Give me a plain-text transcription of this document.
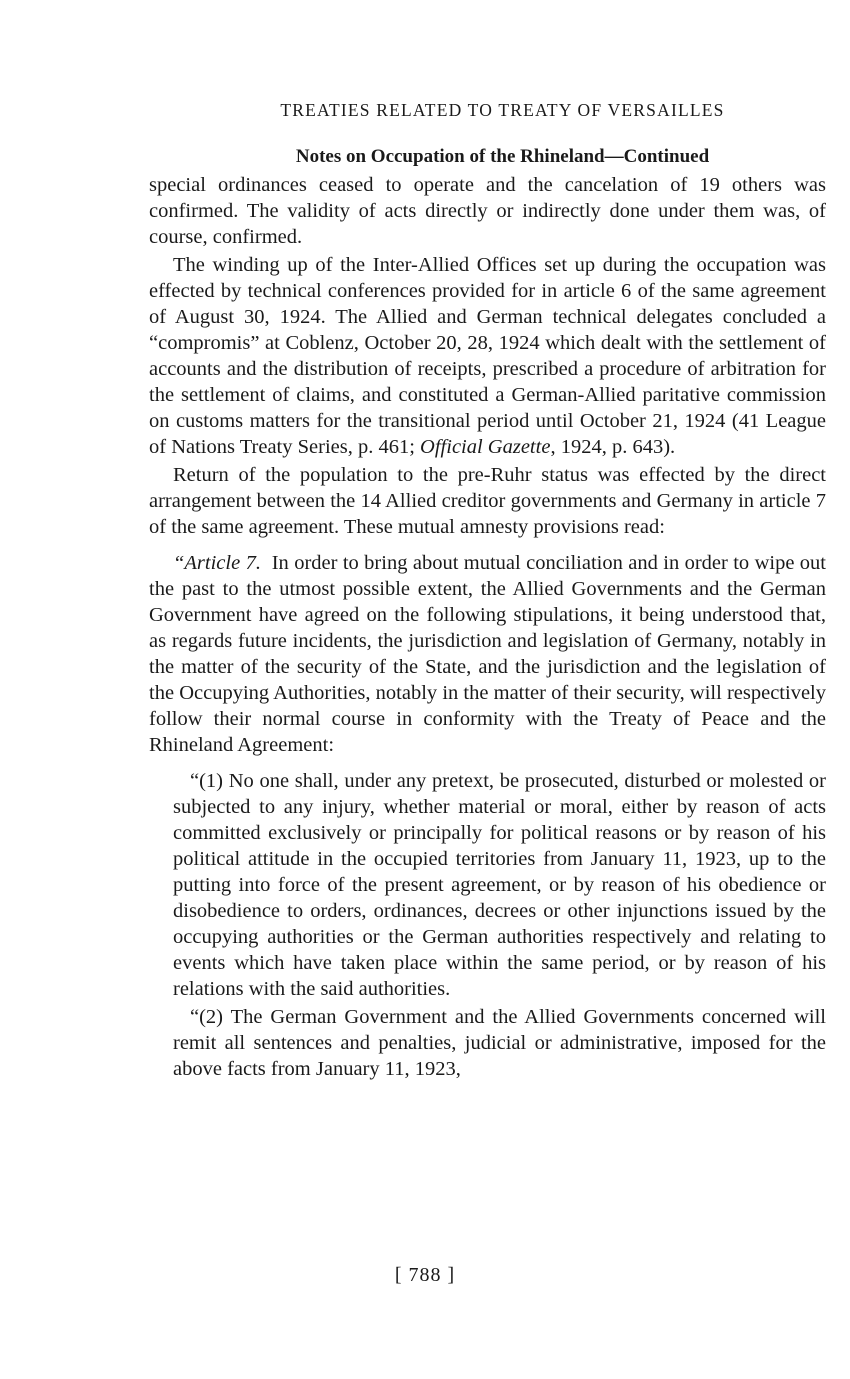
TREATIES RELATED TO TREATY OF VERSAILLES
Notes on Occupation of the Rhineland—Continued

special ordinances ceased to operate and the cancelation of 19 others was confirmed. The validity of acts directly or indirectly done under them was, of course, confirmed.

The winding up of the Inter-Allied Offices set up during the occupation was effected by technical conferences provided for in article 6 of the same agreement of August 30, 1924. The Allied and German technical delegates concluded a “compromis” at Coblenz, October 20, 28, 1924 which dealt with the settlement of accounts and the distribution of receipts, prescribed a procedure of arbitration for the settlement of claims, and constituted a German-Allied paritative commission on customs matters for the transitional period until October 21, 1924 (41 League of Nations Treaty Series, p. 461; Official Gazette, 1924, p. 643).

Return of the population to the pre-Ruhr status was effected by the direct arrangement between the 14 Allied creditor governments and Germany in article 7 of the same agreement. These mutual amnesty provisions read:

“Article 7. In order to bring about mutual conciliation and in order to wipe out the past to the utmost possible extent, the Allied Governments and the German Government have agreed on the following stipulations, it being understood that, as regards future incidents, the jurisdiction and legislation of Germany, notably in the matter of the security of the State, and the jurisdiction and the legislation of the Occupying Authorities, notably in the matter of their security, will respectively follow their normal course in conformity with the Treaty of Peace and the Rhineland Agreement:

“(1) No one shall, under any pretext, be prosecuted, disturbed or molested or subjected to any injury, whether material or moral, either by reason of acts committed exclusively or principally for political reasons or by reason of his political attitude in the occupied territories from January 11, 1923, up to the putting into force of the present agreement, or by reason of his obedience or disobedience to orders, ordinances, decrees or other injunctions issued by the occupying authorities or the German authorities respectively and relating to events which have taken place within the same period, or by reason of his relations with the said authorities.

“(2) The German Government and the Allied Governments concerned will remit all sentences and penalties, judicial or administrative, imposed for the above facts from January 11, 1923,

[ 788 ]
